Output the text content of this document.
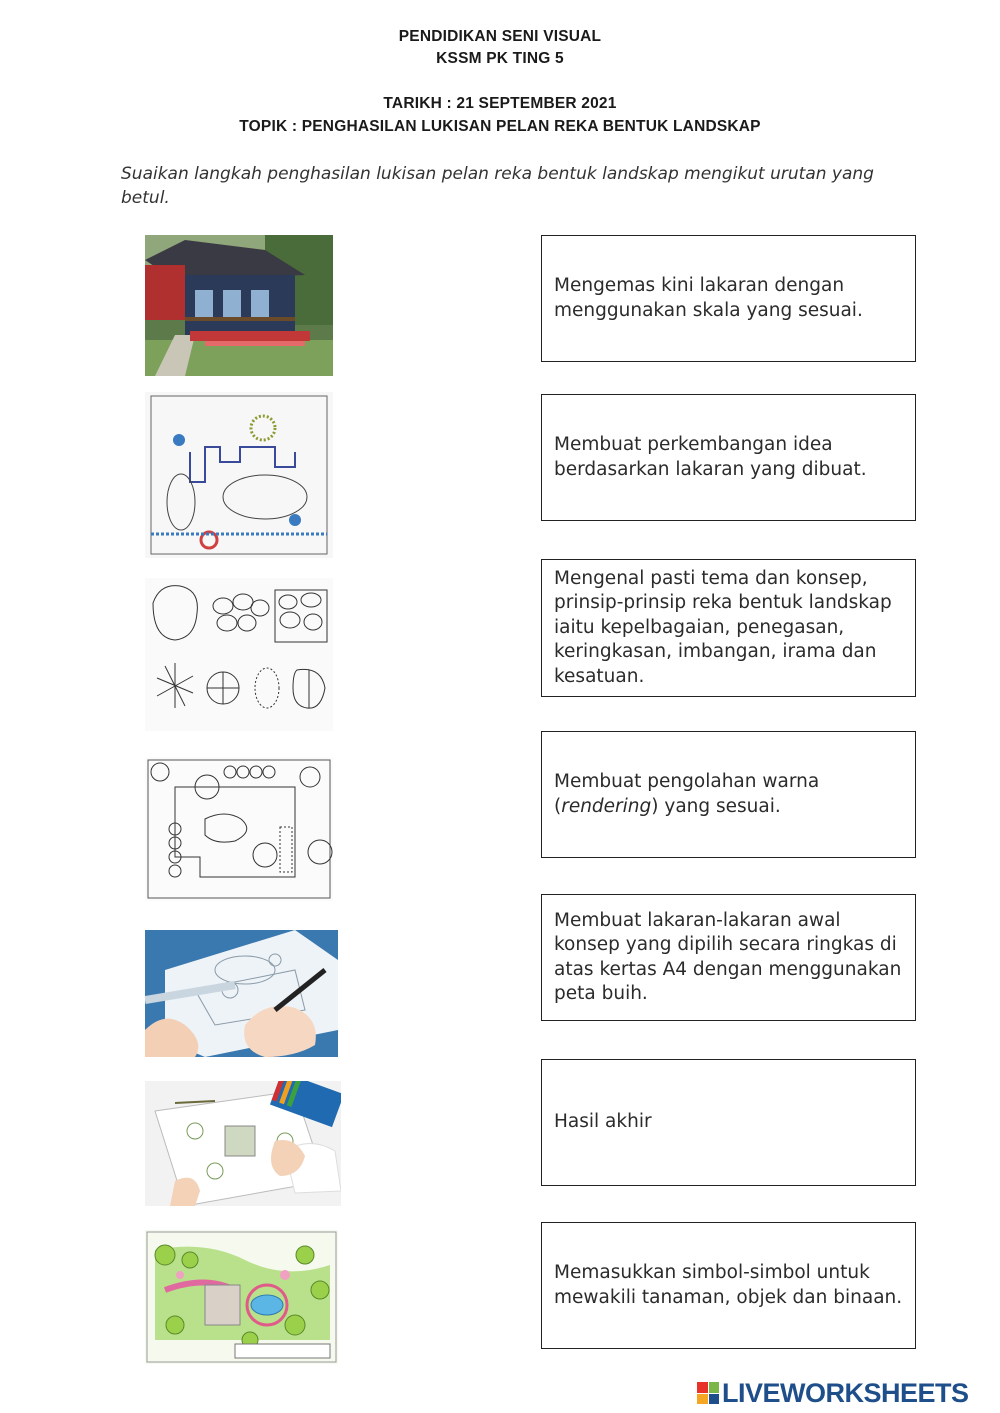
PENDIDIKAN SENI VISUAL
KSSM PK TING 5
TARIKH : 21 SEPTEMBER 2021
TOPIK : PENGHASILAN LUKISAN PELAN REKA BENTUK LANDSKAP
Suaikan langkah penghasilan lukisan pelan reka bentuk landskap mengikut urutan yang betul.
Mengemas kini lakaran dengan menggunakan skala yang sesuai.
Membuat perkembangan idea berdasarkan lakaran yang dibuat.
Mengenal pasti tema dan konsep, prinsip-prinsip reka bentuk landskap iaitu kepelbagaian, penegasan, keringkasan, imbangan, irama dan kesatuan.
Membuat pengolahan warna (rendering) yang sesuai.
Membuat lakaran-lakaran awal konsep yang dipilih secara ringkas di atas kertas A4 dengan menggunakan peta buih.
Hasil akhir
Memasukkan simbol-simbol untuk mewakili tanaman, objek dan binaan.
LIVEWORKSHEETS
